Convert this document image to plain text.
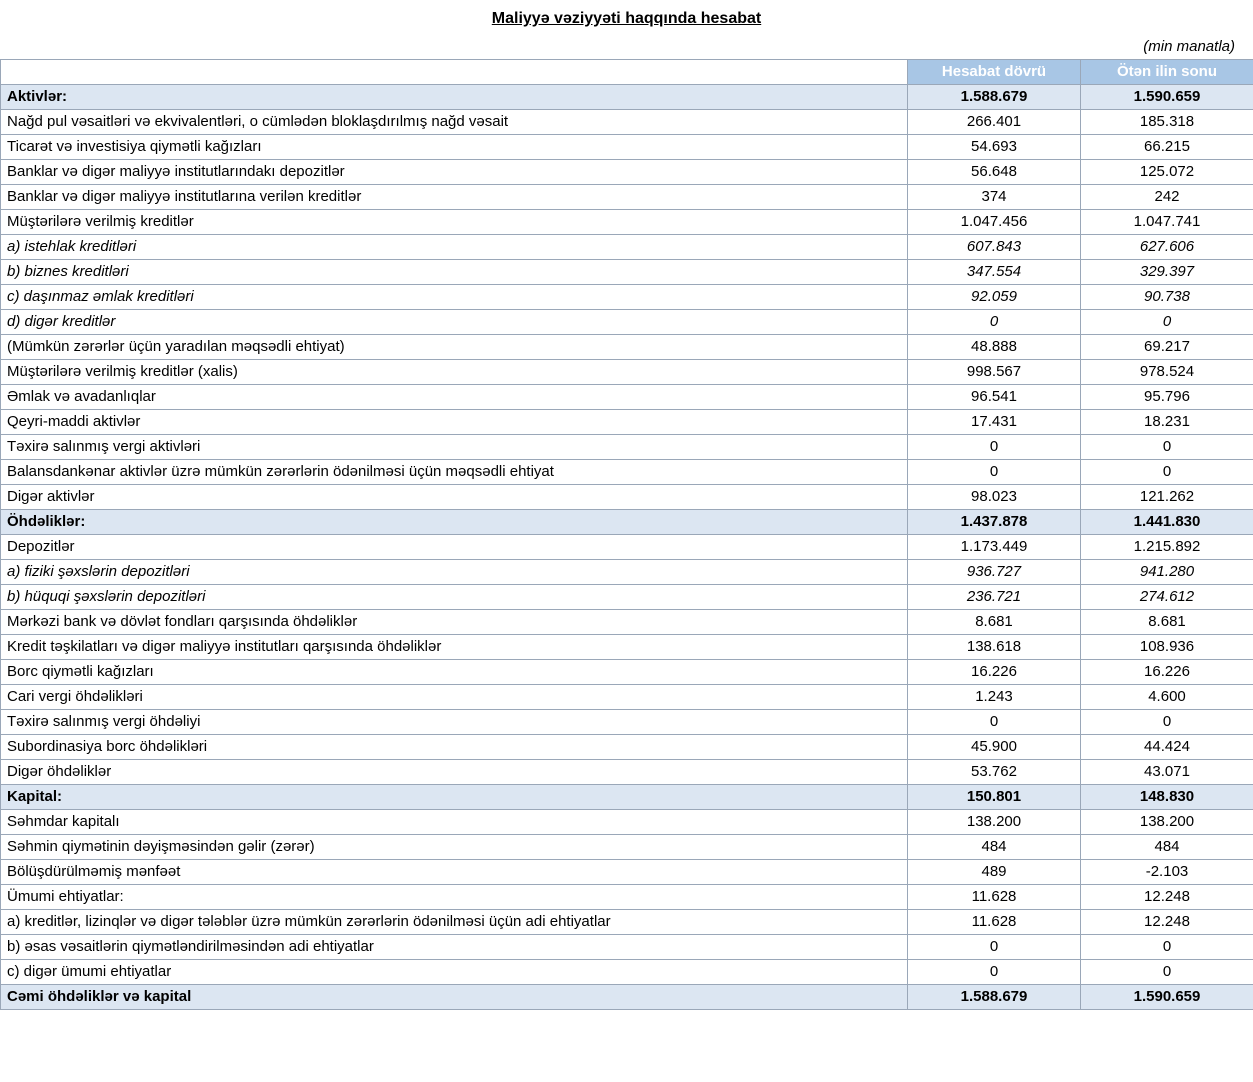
Maliyyə vəziyyəti haqqında hesabat
(min manatla)
	Hesabat dövrü	Ötən ilin sonu
Aktivlər:	1.588.679	1.590.659
Nağd pul vəsaitləri və ekvivalentləri, o cümlədən bloklaşdırılmış nağd vəsait	266.401	185.318
Ticarət və investisiya qiymətli kağızları	54.693	66.215
Banklar və digər maliyyə institutlarındakı depozitlər	56.648	125.072
Banklar və digər maliyyə institutlarına verilən kreditlər	374	242
Müştərilərə verilmiş kreditlər	1.047.456	1.047.741
a) istehlak kreditləri	607.843	627.606
b) biznes kreditləri	347.554	329.397
c) daşınmaz əmlak kreditləri	92.059	90.738
d) digər kreditlər	0	0
(Mümkün zərərlər üçün yaradılan məqsədli ehtiyat)	48.888	69.217
Müştərilərə verilmiş kreditlər (xalis)	998.567	978.524
Əmlak və avadanlıqlar	96.541	95.796
Qeyri-maddi aktivlər	17.431	18.231
Təxirə salınmış vergi aktivləri	0	0
Balansdankənar aktivlər üzrə mümkün zərərlərin ödənilməsi üçün məqsədli ehtiyat	0	0
Digər aktivlər	98.023	121.262
Öhdəliklər:	1.437.878	1.441.830
Depozitlər	1.173.449	1.215.892
a) fiziki şəxslərin depozitləri	936.727	941.280
b) hüquqi şəxslərin depozitləri	236.721	274.612
Mərkəzi bank və dövlət fondları qarşısında öhdəliklər	8.681	8.681
Kredit təşkilatları və digər maliyyə institutları qarşısında öhdəliklər	138.618	108.936
Borc qiymətli kağızları	16.226	16.226
Cari vergi öhdəlikləri	1.243	4.600
Təxirə salınmış vergi öhdəliyi	0	0
Subordinasiya borc öhdəlikləri	45.900	44.424
Digər öhdəliklər	53.762	43.071
Kapital:	150.801	148.830
Səhmdar kapitalı	138.200	138.200
Səhmin qiymətinin dəyişməsindən gəlir (zərər)	484	484
Bölüşdürülməmiş mənfəət	489	-2.103
Ümumi ehtiyatlar:	11.628	12.248
a) kreditlər, lizinqlər və digər tələblər üzrə mümkün zərərlərin ödənilməsi üçün adi ehtiyatlar	11.628	12.248
b) əsas vəsaitlərin qiymətləndirilməsindən adi ehtiyatlar	0	0
c) digər ümumi ehtiyatlar	0	0
Cəmi öhdəliklər və kapital	1.588.679	1.590.659
